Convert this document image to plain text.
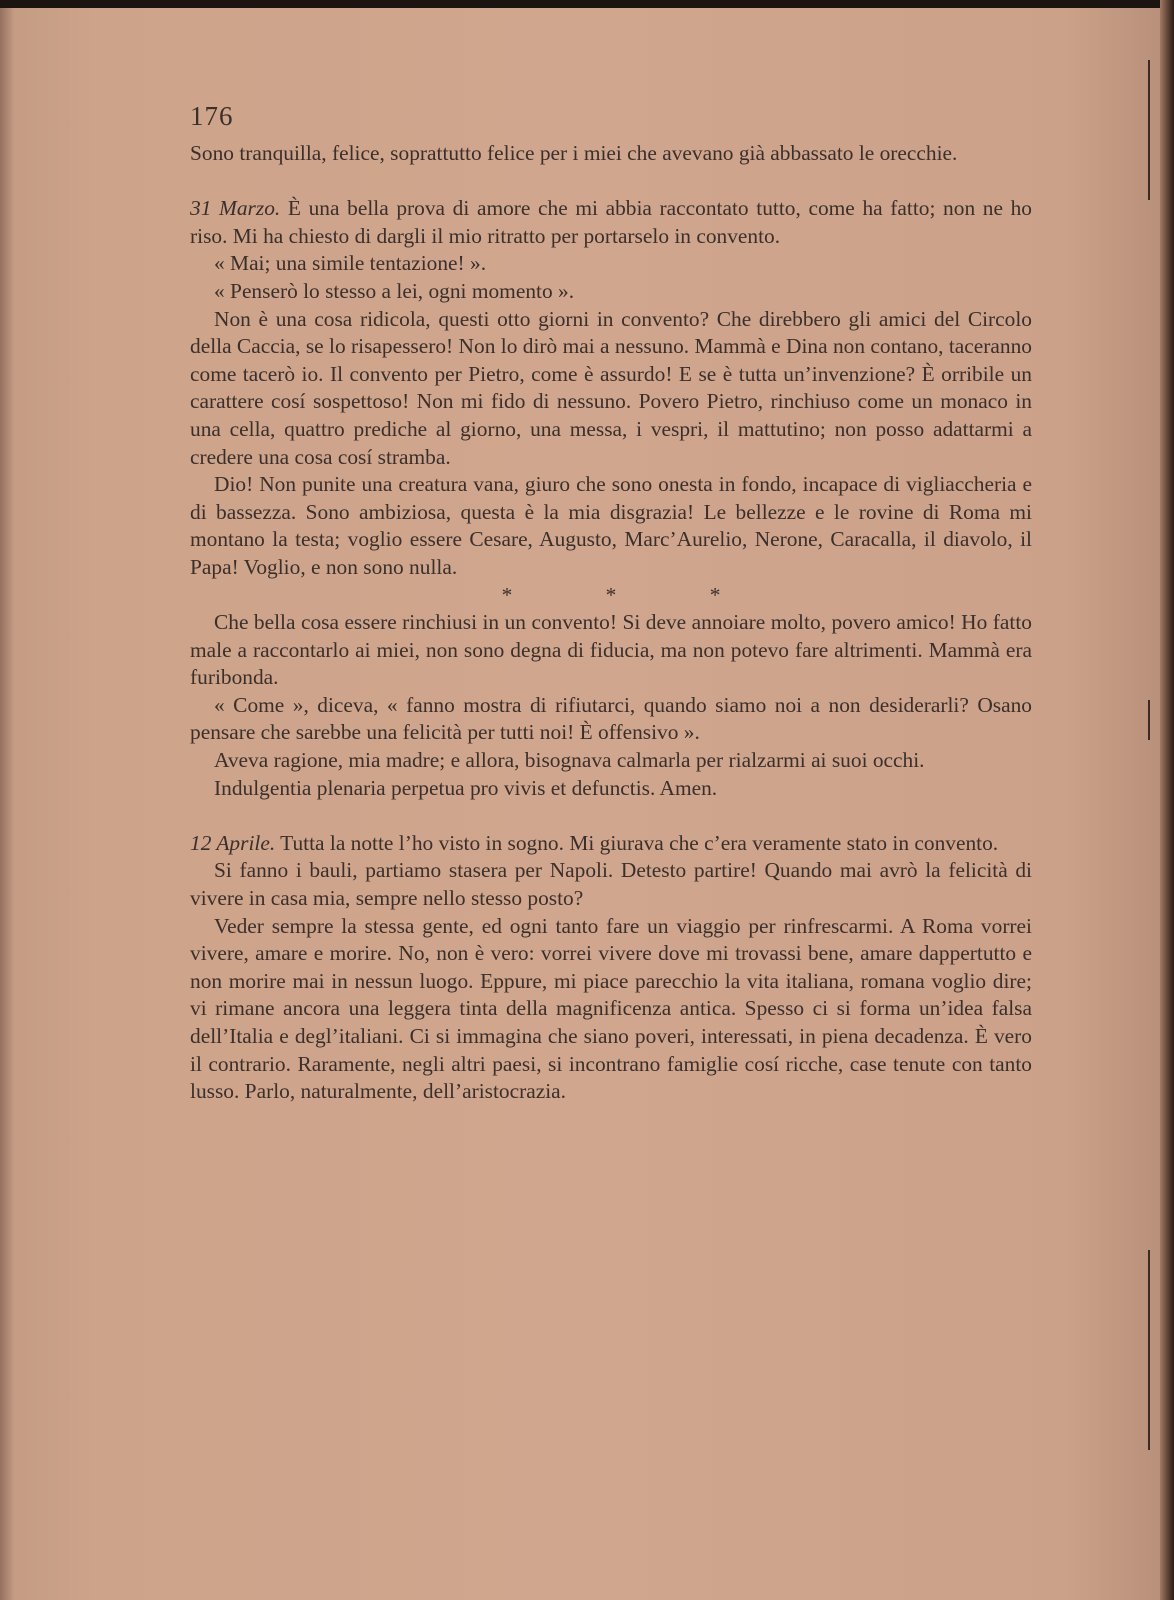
176

Sono tranquilla, felice, soprattutto felice per i miei che avevano già abbassato le orecchie.

31 Marzo. È una bella prova di amore che mi abbia raccontato tutto, come ha fatto; non ne ho riso. Mi ha chiesto di dargli il mio ritratto per portarselo in convento.

« Mai; una simile tentazione! ».

« Penserò lo stesso a lei, ogni momento ».

Non è una cosa ridicola, questi otto giorni in convento? Che direbbero gli amici del Circolo della Caccia, se lo risapessero! Non lo dirò mai a nessuno. Mammà e Dina non contano, taceranno come tacerò io. Il convento per Pietro, come è assurdo! E se è tutta un’invenzione? È orribile un carattere cosí sospettoso! Non mi fido di nessuno. Povero Pietro, rinchiuso come un monaco in una cella, quattro prediche al giorno, una messa, i vespri, il mattutino; non posso adattarmi a credere una cosa cosí stramba.

Dio! Non punite una creatura vana, giuro che sono onesta in fondo, incapace di vigliaccheria e di bassezza. Sono ambiziosa, questa è la mia disgrazia! Le bellezze e le rovine di Roma mi montano la testa; voglio essere Cesare, Augusto, Marc’Aurelio, Nerone, Caracalla, il diavolo, il Papa! Voglio, e non sono nulla.

* * *

Che bella cosa essere rinchiusi in un convento! Si deve annoiare molto, povero amico! Ho fatto male a raccontarlo ai miei, non sono degna di fiducia, ma non potevo fare altrimenti. Mammà era furibonda.

« Come », diceva, « fanno mostra di rifiutarci, quando siamo noi a non desiderarli? Osano pensare che sarebbe una felicità per tutti noi! È offensivo ».

Aveva ragione, mia madre; e allora, bisognava calmarla per rialzarmi ai suoi occhi.

Indulgentia plenaria perpetua pro vivis et defunctis. Amen.

12 Aprile. Tutta la notte l’ho visto in sogno. Mi giurava che c’era veramente stato in convento.

Si fanno i bauli, partiamo stasera per Napoli. Detesto partire! Quando mai avrò la felicità di vivere in casa mia, sempre nello stesso posto?

Veder sempre la stessa gente, ed ogni tanto fare un viaggio per rinfrescarmi. A Roma vorrei vivere, amare e morire. No, non è vero: vorrei vivere dove mi trovassi bene, amare dappertutto e non morire mai in nessun luogo. Eppure, mi piace parecchio la vita italiana, romana voglio dire; vi rimane ancora una leggera tinta della magnificenza antica. Spesso ci si forma un’idea falsa dell’Italia e degl’italiani. Ci si immagina che siano poveri, interessati, in piena decadenza. È vero il contrario. Raramente, negli altri paesi, si incontrano famiglie cosí ricche, case tenute con tanto lusso. Parlo, naturalmente, dell’aristocrazia.
